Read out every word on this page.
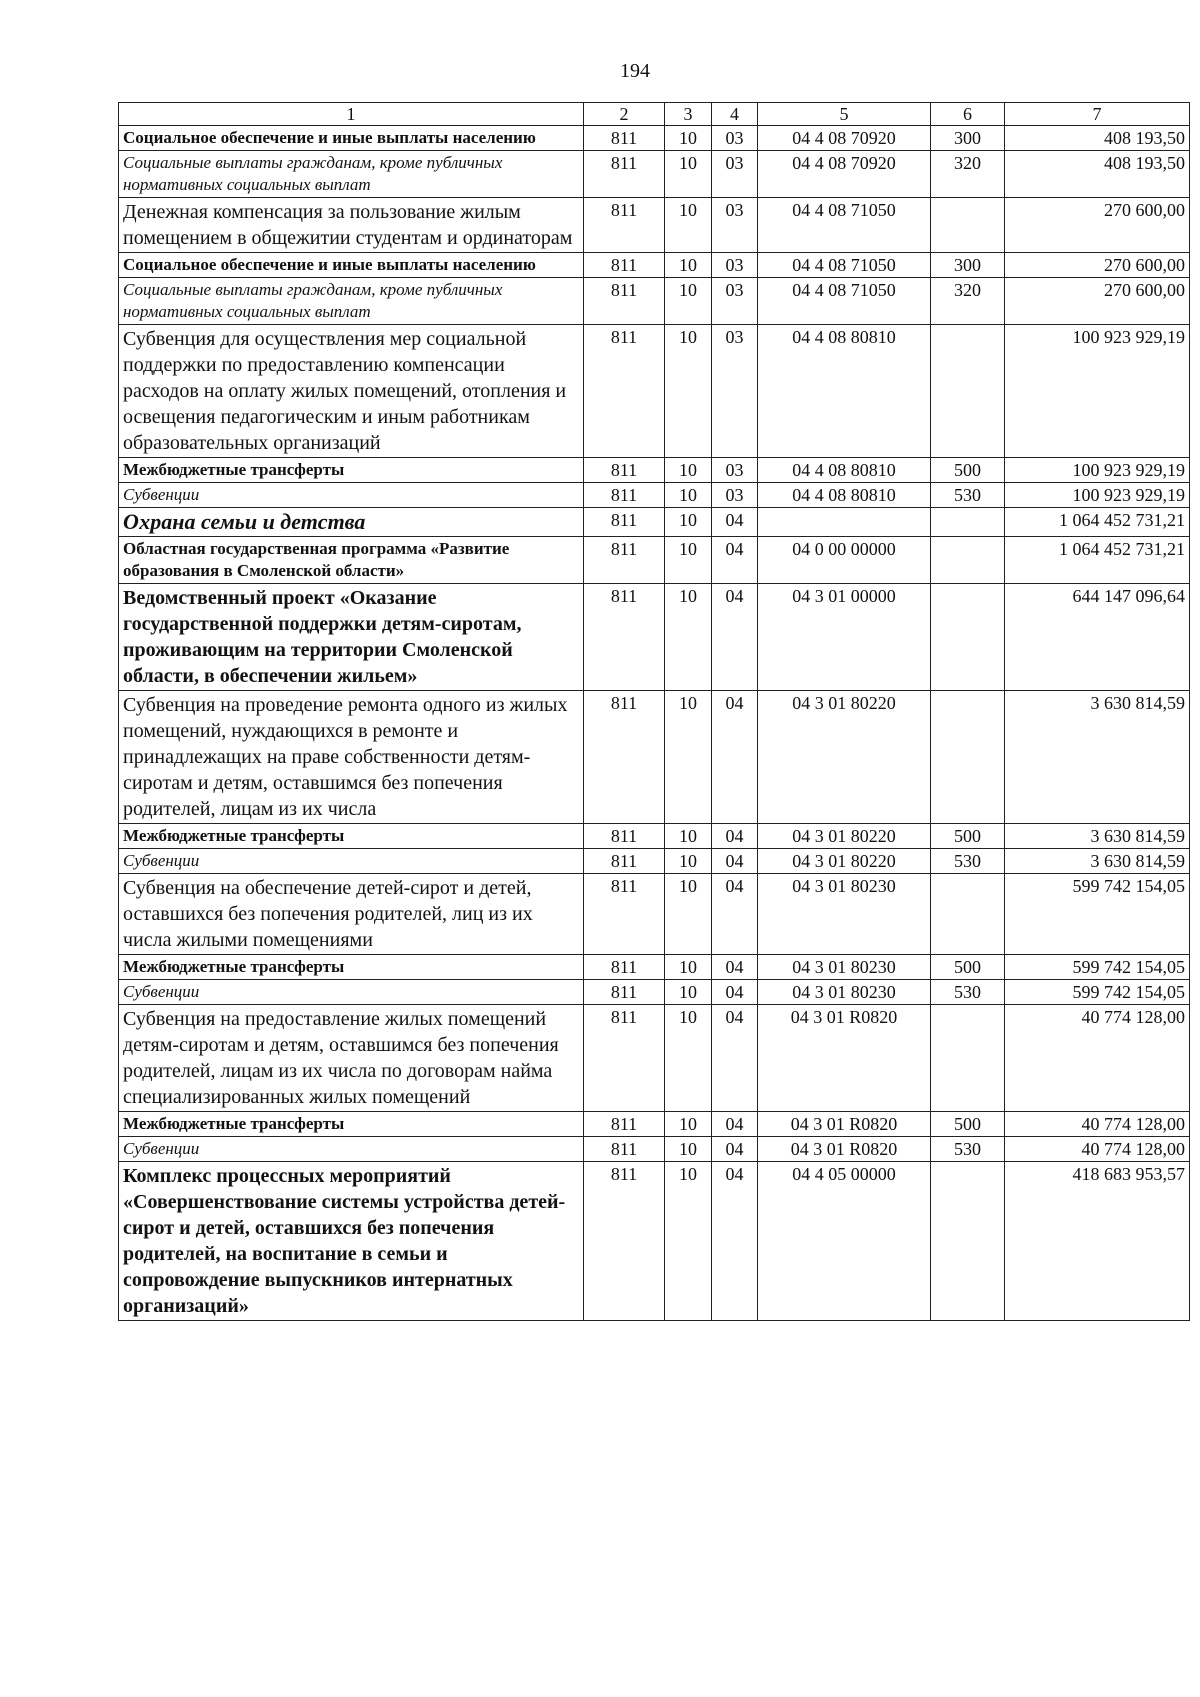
194
1	2	3	4	5	6	7
Социальное обеспечение и иные выплаты населению	811	10	03	04 4 08 70920	300	408 193,50
Социальные выплаты гражданам, кроме публичных нормативных социальных выплат	811	10	03	04 4 08 70920	320	408 193,50
Денежная компенсация за пользование жилым помещением в общежитии студентам и ординаторам	811	10	03	04 4 08 71050		270 600,00
Социальное обеспечение и иные выплаты населению	811	10	03	04 4 08 71050	300	270 600,00
Социальные выплаты гражданам, кроме публичных нормативных социальных выплат	811	10	03	04 4 08 71050	320	270 600,00
Субвенция для осуществления мер социальной поддержки по предоставлению компенсации расходов на оплату жилых помещений, отопления и освещения педагогическим и иным работникам образовательных организаций	811	10	03	04 4 08 80810		100 923 929,19
Межбюджетные трансферты	811	10	03	04 4 08 80810	500	100 923 929,19
Субвенции	811	10	03	04 4 08 80810	530	100 923 929,19
Охрана семьи и детства	811	10	04			1 064 452 731,21
Областная государственная программа «Развитие образования в Смоленской области»	811	10	04	04 0 00 00000		1 064 452 731,21
Ведомственный проект «Оказание государственной поддержки детям-сиротам, проживающим на территории Смоленской области, в обеспечении жильем»	811	10	04	04 3 01 00000		644 147 096,64
Субвенция на проведение ремонта одного из жилых помещений, нуждающихся в ремонте и принадлежащих на праве собственности детям-сиротам и детям, оставшимся без попечения родителей, лицам из их числа	811	10	04	04 3 01 80220		3 630 814,59
Межбюджетные трансферты	811	10	04	04 3 01 80220	500	3 630 814,59
Субвенции	811	10	04	04 3 01 80220	530	3 630 814,59
Субвенция на обеспечение детей-сирот и детей, оставшихся без попечения родителей, лиц из их числа жилыми помещениями	811	10	04	04 3 01 80230		599 742 154,05
Межбюджетные трансферты	811	10	04	04 3 01 80230	500	599 742 154,05
Субвенции	811	10	04	04 3 01 80230	530	599 742 154,05
Субвенция на предоставление жилых помещений детям-сиротам и детям, оставшимся без попечения родителей, лицам из их числа по договорам найма специализированных жилых помещений	811	10	04	04 3 01 R0820		40 774 128,00
Межбюджетные трансферты	811	10	04	04 3 01 R0820	500	40 774 128,00
Субвенции	811	10	04	04 3 01 R0820	530	40 774 128,00
Комплекс процессных мероприятий «Совершенствование системы устройства детей-сирот и детей, оставшихся без попечения родителей, на воспитание в семьи и сопровождение выпускников интернатных организаций»	811	10	04	04 4 05 00000		418 683 953,57
